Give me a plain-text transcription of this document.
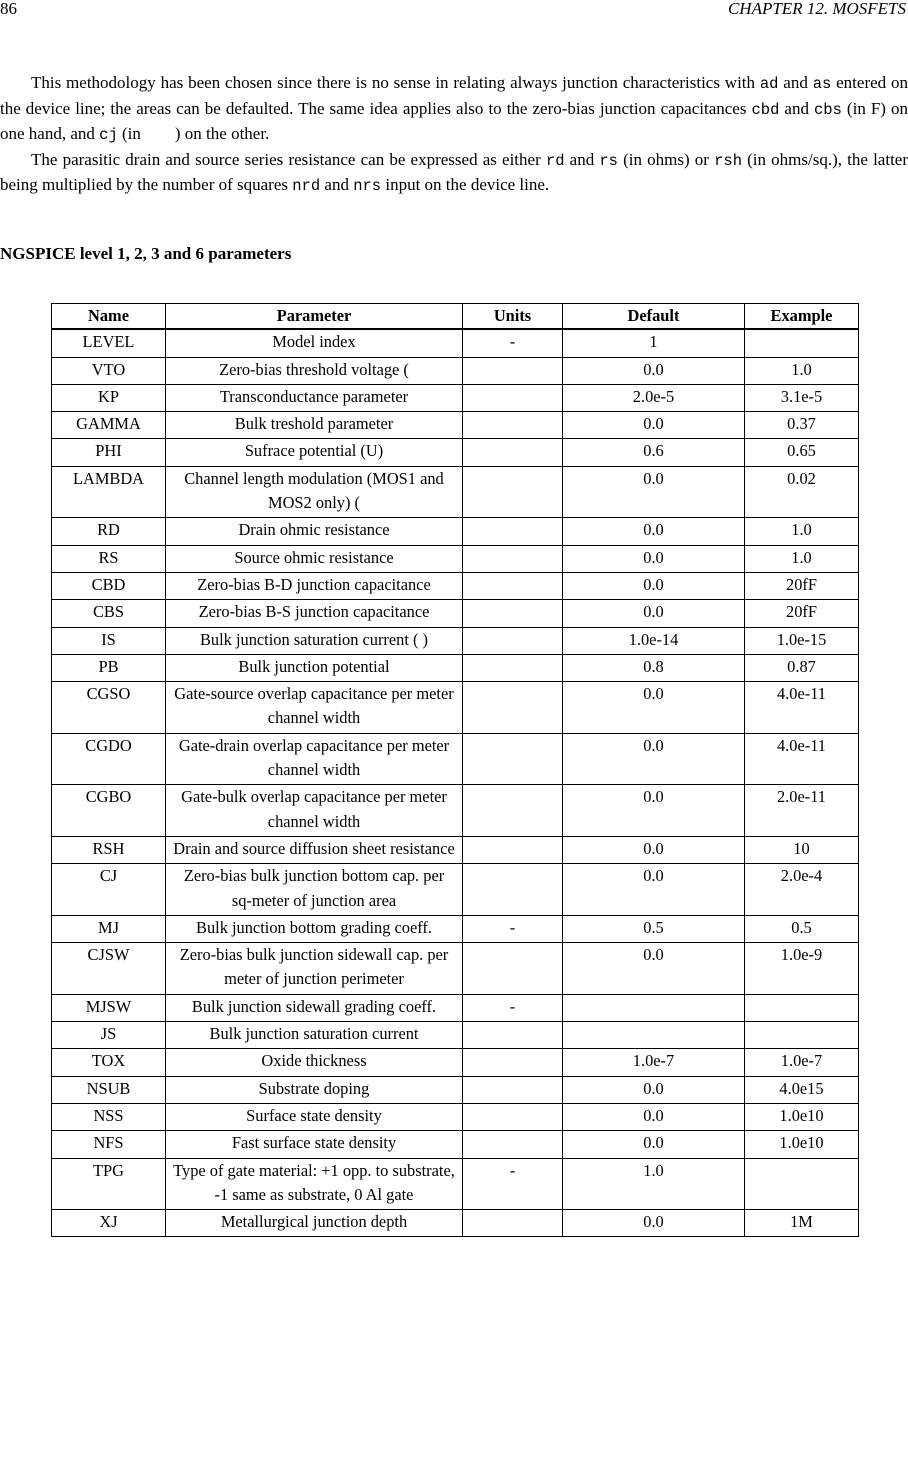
86	CHAPTER 12. MOSFETS

This methodology has been chosen since there is no sense in relating always junction characteristics with ad and as entered on the device line; the areas can be defaulted. The same idea applies also to the zero-bias junction capacitances cbd and cbs (in F) on one hand, and cj (in        ) on the other.

The parasitic drain and source series resistance can be expressed as either rd and rs (in ohms) or rsh (in ohms/sq.), the latter being multiplied by the number of squares nrd and nrs input on the device line.

NGSPICE level 1, 2, 3 and 6 parameters
Name	Parameter	Units	Default	Example
LEVEL	Model index	-	1	
VTO	Zero-bias threshold voltage (		0.0	1.0
KP	Transconductance parameter		2.0e-5	3.1e-5
GAMMA	Bulk treshold parameter		0.0	0.37
PHI	Sufrace potential (U)		0.6	0.65
LAMBDA	Channel length modulation (MOS1 and MOS2 only) (		0.0	0.02
RD	Drain ohmic resistance		0.0	1.0
RS	Source ohmic resistance		0.0	1.0
CBD	Zero-bias B-D junction capacitance		0.0	20fF
CBS	Zero-bias B-S junction capacitance		0.0	20fF
IS	Bulk junction saturation current ( )		1.0e-14	1.0e-15
PB	Bulk junction potential		0.8	0.87
CGSO	Gate-source overlap capacitance per meter channel width		0.0	4.0e-11
CGDO	Gate-drain overlap capacitance per meter channel width		0.0	4.0e-11
CGBO	Gate-bulk overlap capacitance per meter channel width		0.0	2.0e-11
RSH	Drain and source diffusion sheet resistance		0.0	10
CJ	Zero-bias bulk junction bottom cap. per sq-meter of junction area		0.0	2.0e-4
MJ	Bulk junction bottom grading coeff.	-	0.5	0.5
CJSW	Zero-bias bulk junction sidewall cap. per meter of junction perimeter		0.0	1.0e-9
MJSW	Bulk junction sidewall grading coeff.	-		
JS	Bulk junction saturation current			
TOX	Oxide thickness		1.0e-7	1.0e-7
NSUB	Substrate doping		0.0	4.0e15
NSS	Surface state density		0.0	1.0e10
NFS	Fast surface state density		0.0	1.0e10
TPG	Type of gate material: +1 opp. to substrate, -1 same as substrate, 0 Al gate	-	1.0	
XJ	Metallurgical junction depth		0.0	1M
